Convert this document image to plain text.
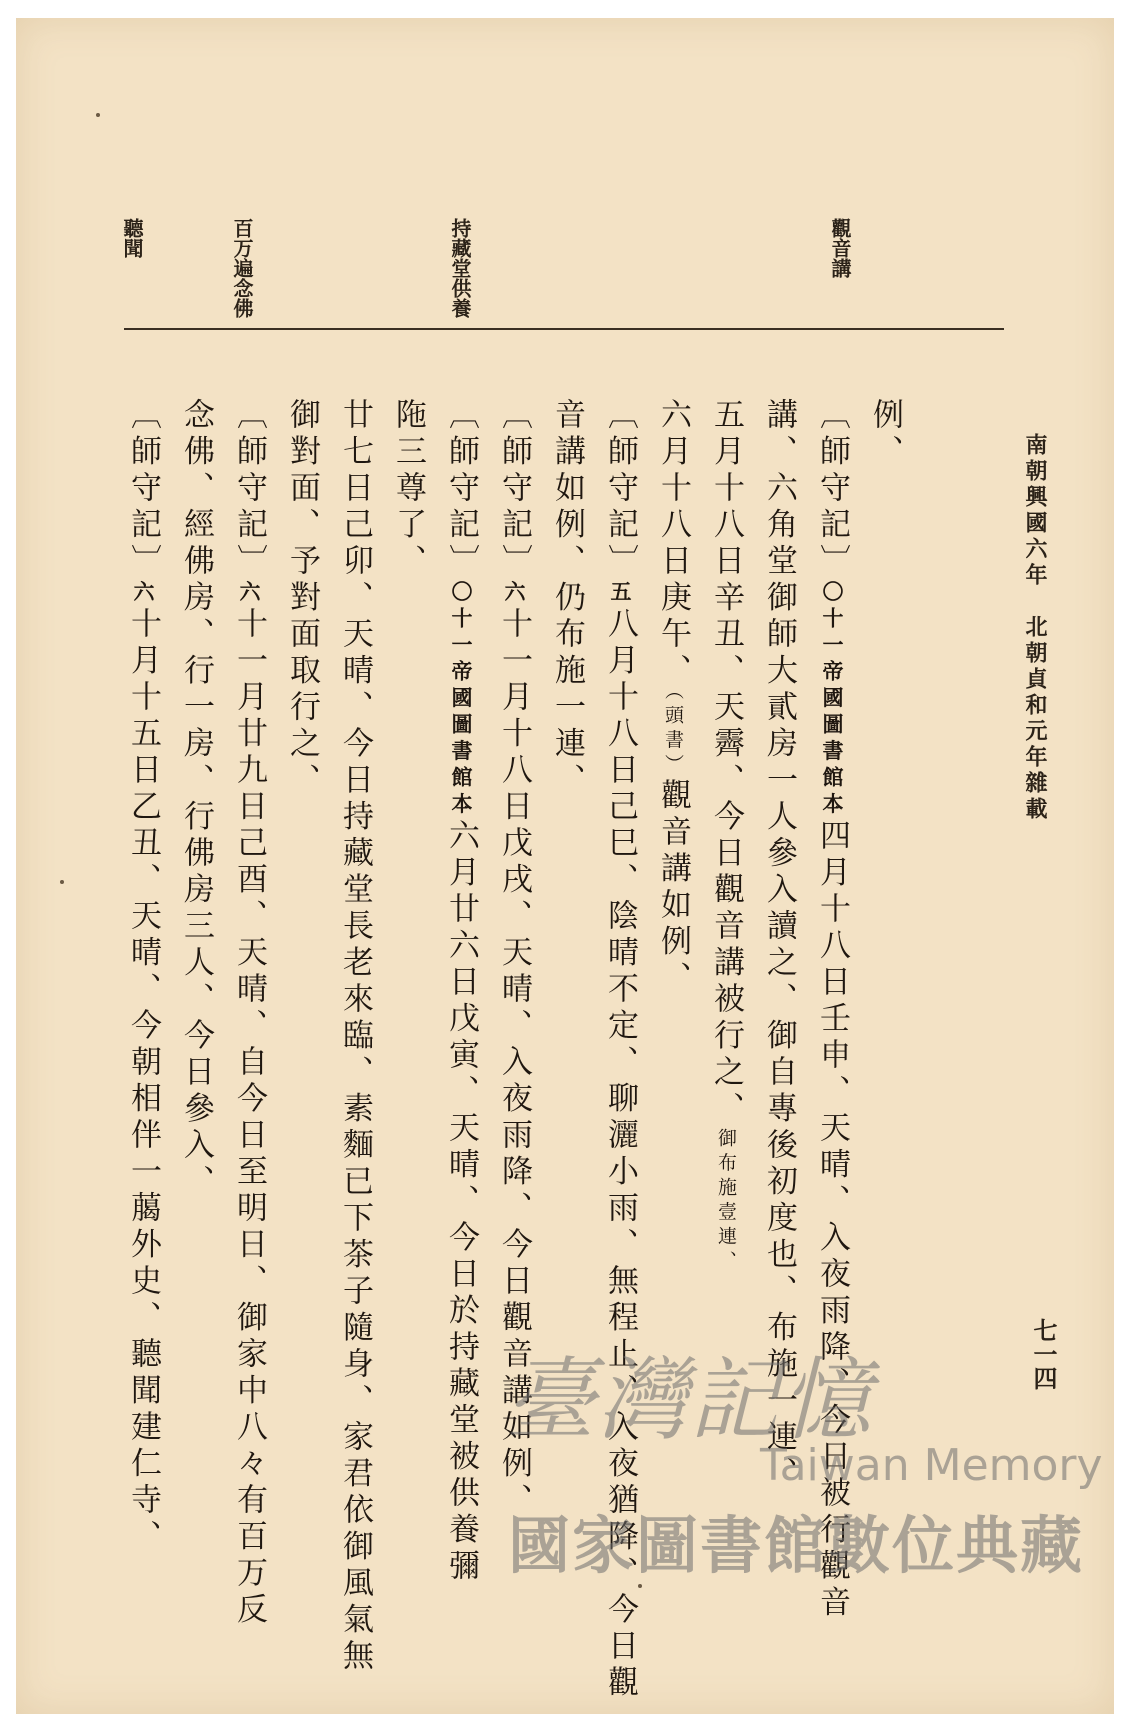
南朝興國六年　北朝貞和元年雜載
七一四
觀音講
持藏堂供養
百万遍念佛
聽聞
例、
〔師守記〕〇十一帝國圖書館本四月十八日壬申、天晴、入夜雨降、今日被行觀音
講、六角堂御師大貳房一人參入讀之、御自專後初度也、布施一連、
五月十八日辛丑、天霽、今日觀音講被行之、御布施壹連、
六月十八日庚午、（頭書）觀音講如例、
〔師守記〕五八月十八日己巳、陰晴不定、聊灑小雨、無程止、入夜猶降、今日觀
音講如例、仍布施一連、
〔師守記〕六十一月十八日戊戌、天晴、入夜雨降、今日觀音講如例、
〔師守記〕〇十一帝國圖書館本六月廿六日戊寅、天晴、今日於持藏堂被供養彌
陁三尊了、
廿七日己卯、天晴、今日持藏堂長老來臨、素麵已下茶子隨身、家君依御風氣無
御對面、予對面取行之、
〔師守記〕六十一月廿九日己酉、天晴、自今日至明日、御家中八々有百万反
念佛、經佛房、行一房、行佛房三人、今日參入、
〔師守記〕六十月十五日乙丑、天晴、今朝相伴一﨟外史、聽聞建仁寺、	臺灣記憶
Taiwan Memory
國家圖書館數位典藏
